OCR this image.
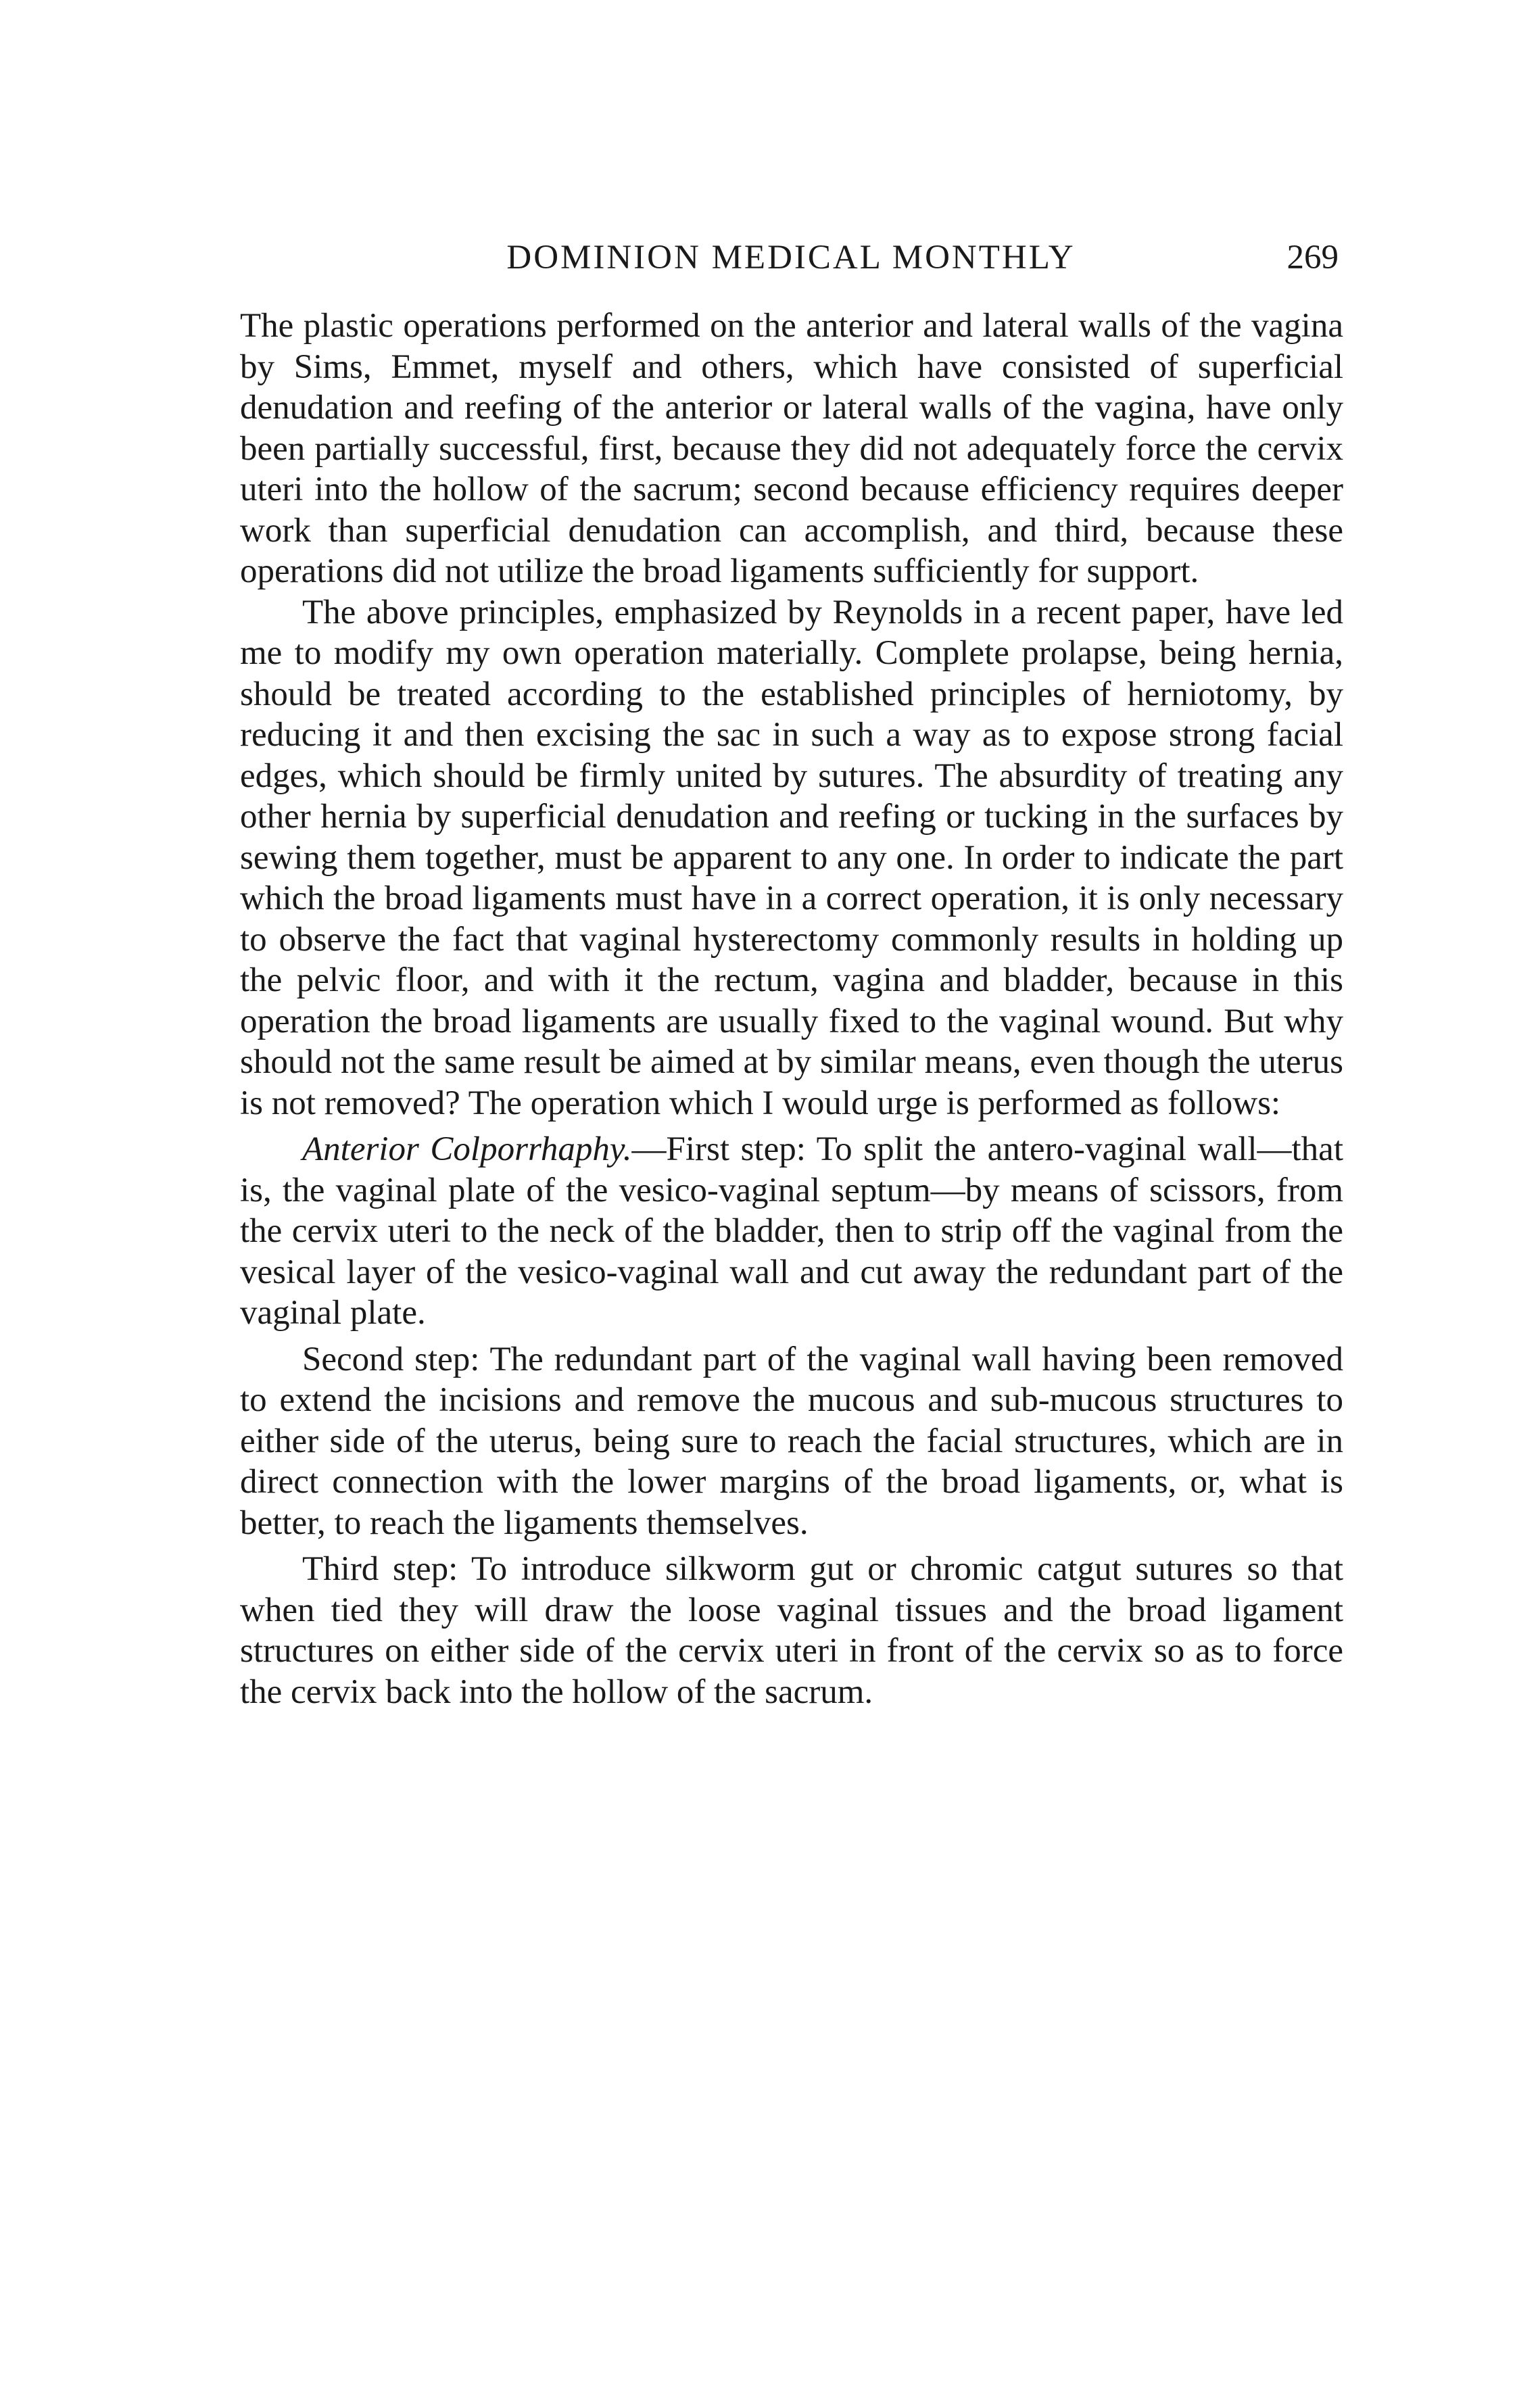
DOMINION MEDICAL MONTHLY	269

The plastic operations performed on the anterior and lateral walls of the vagina by Sims, Emmet, myself and others, which have consisted of superficial denudation and reefing of the anterior or lateral walls of the vagina, have only been partially successful, first, because they did not adequately force the cervix uteri into the hollow of the sacrum; second because efficiency requires deeper work than superficial denudation can accomplish, and third, because these operations did not utilize the broad ligaments sufficiently for support.

The above principles, emphasized by Reynolds in a recent paper, have led me to modify my own operation materially. Complete prolapse, being hernia, should be treated according to the established principles of herniotomy, by reducing it and then excising the sac in such a way as to expose strong facial edges, which should be firmly united by sutures. The absurdity of treating any other hernia by superficial denudation and reefing or tucking in the surfaces by sewing them together, must be apparent to any one. In order to indicate the part which the broad ligaments must have in a correct operation, it is only necessary to observe the fact that vaginal hysterectomy commonly results in holding up the pelvic floor, and with it the rectum, vagina and bladder, because in this operation the broad ligaments are usually fixed to the vaginal wound. But why should not the same result be aimed at by similar means, even though the uterus is not removed? The operation which I would urge is performed as follows:

Anterior Colporrhaphy.—First step: To split the antero-vaginal wall—that is, the vaginal plate of the vesico-vaginal septum—by means of scissors, from the cervix uteri to the neck of the bladder, then to strip off the vaginal from the vesical layer of the vesico-vaginal wall and cut away the redundant part of the vaginal plate.

Second step: The redundant part of the vaginal wall having been removed to extend the incisions and remove the mucous and sub-mucous structures to either side of the uterus, being sure to reach the facial structures, which are in direct connection with the lower margins of the broad ligaments, or, what is better, to reach the ligaments themselves.

Third step: To introduce silkworm gut or chromic catgut sutures so that when tied they will draw the loose vaginal tissues and the broad ligament structures on either side of the cervix uteri in front of the cervix so as to force the cervix back into the hollow of the sacrum.
